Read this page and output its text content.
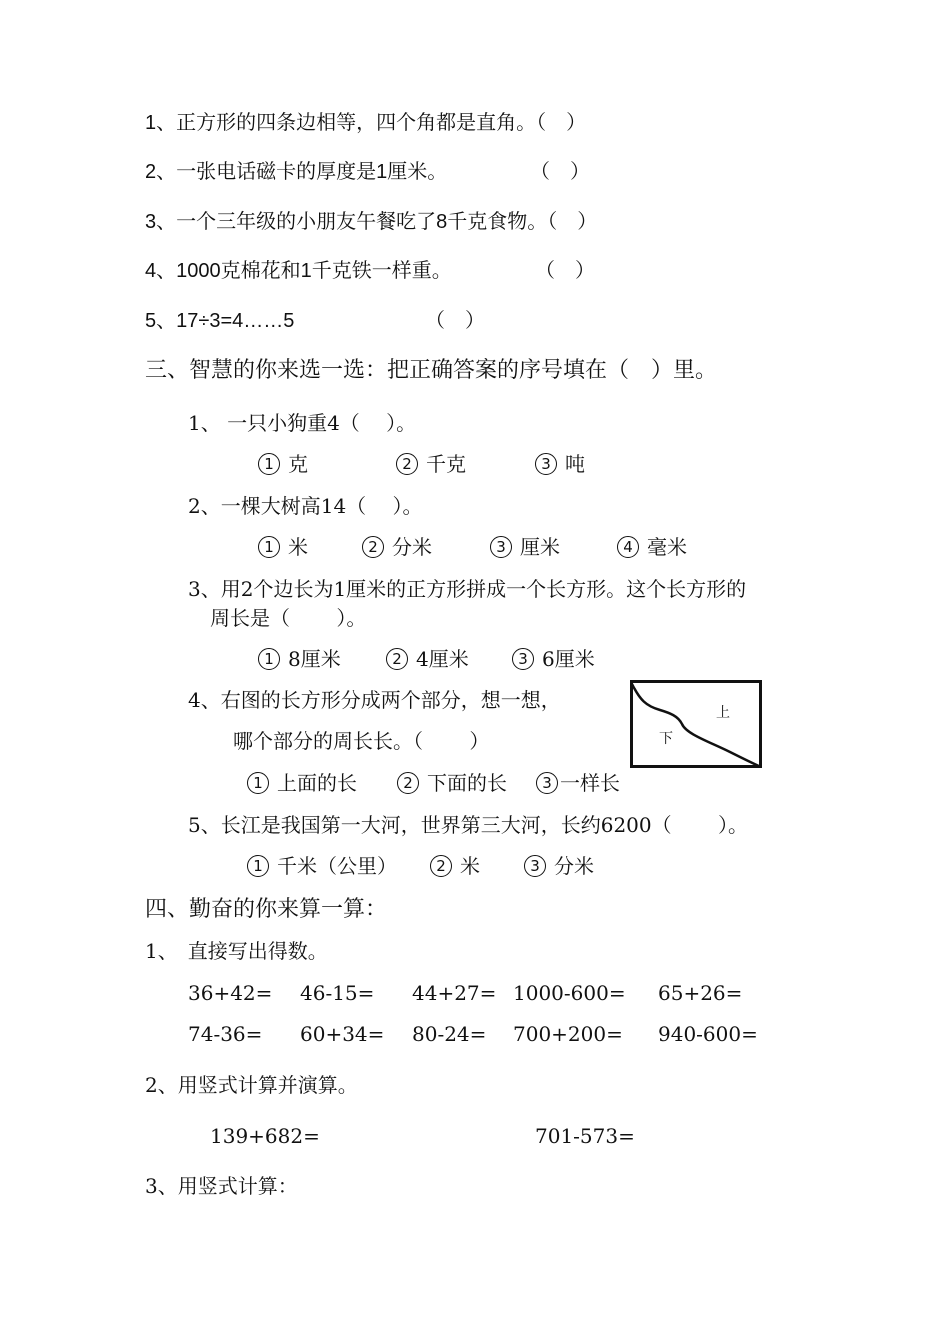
1、正方形的四条边相等，四个角都是直角。（　）
2、一张电话磁卡的厚度是1厘米。	（　）
3、一个三年级的小朋友午餐吃了8千克食物。（　）
4、1000克棉花和1千克铁一样重。	（　）
5、17÷3=4……5	（　）
三、智慧的你来选一选：把正确答案的序号填在（　）里。
1、 一只小狗重4（　 ）。
1 克	2 千克	3 吨
2、一棵大树高14（　 ）。
1 米	2 分米	3 厘米	4 毫米
3、用2个边长为1厘米的正方形拼成一个长方形。这个长方形的
周长是（　　 ）。
1 8厘米	2 4厘米	3 6厘米
4、右图的长方形分成两个部分，想一想，
哪个部分的周长长。（　　 ）
1 上面的长	2 下面的长	3 一样长
上
下
5、长江是我国第一大河，世界第三大河，长约6200（　　 ）。
1 千米（公里）	2 米	3 分米
四、勤奋的你来算一算：
1、　直接写出得数。
36+42= 46-15= 44+27= 1000-600= 65+26=
74-36= 60+34= 80-24= 700+200= 940-600=
2、用竖式计算并演算。
139+682=	701-573=
3、用竖式计算：
